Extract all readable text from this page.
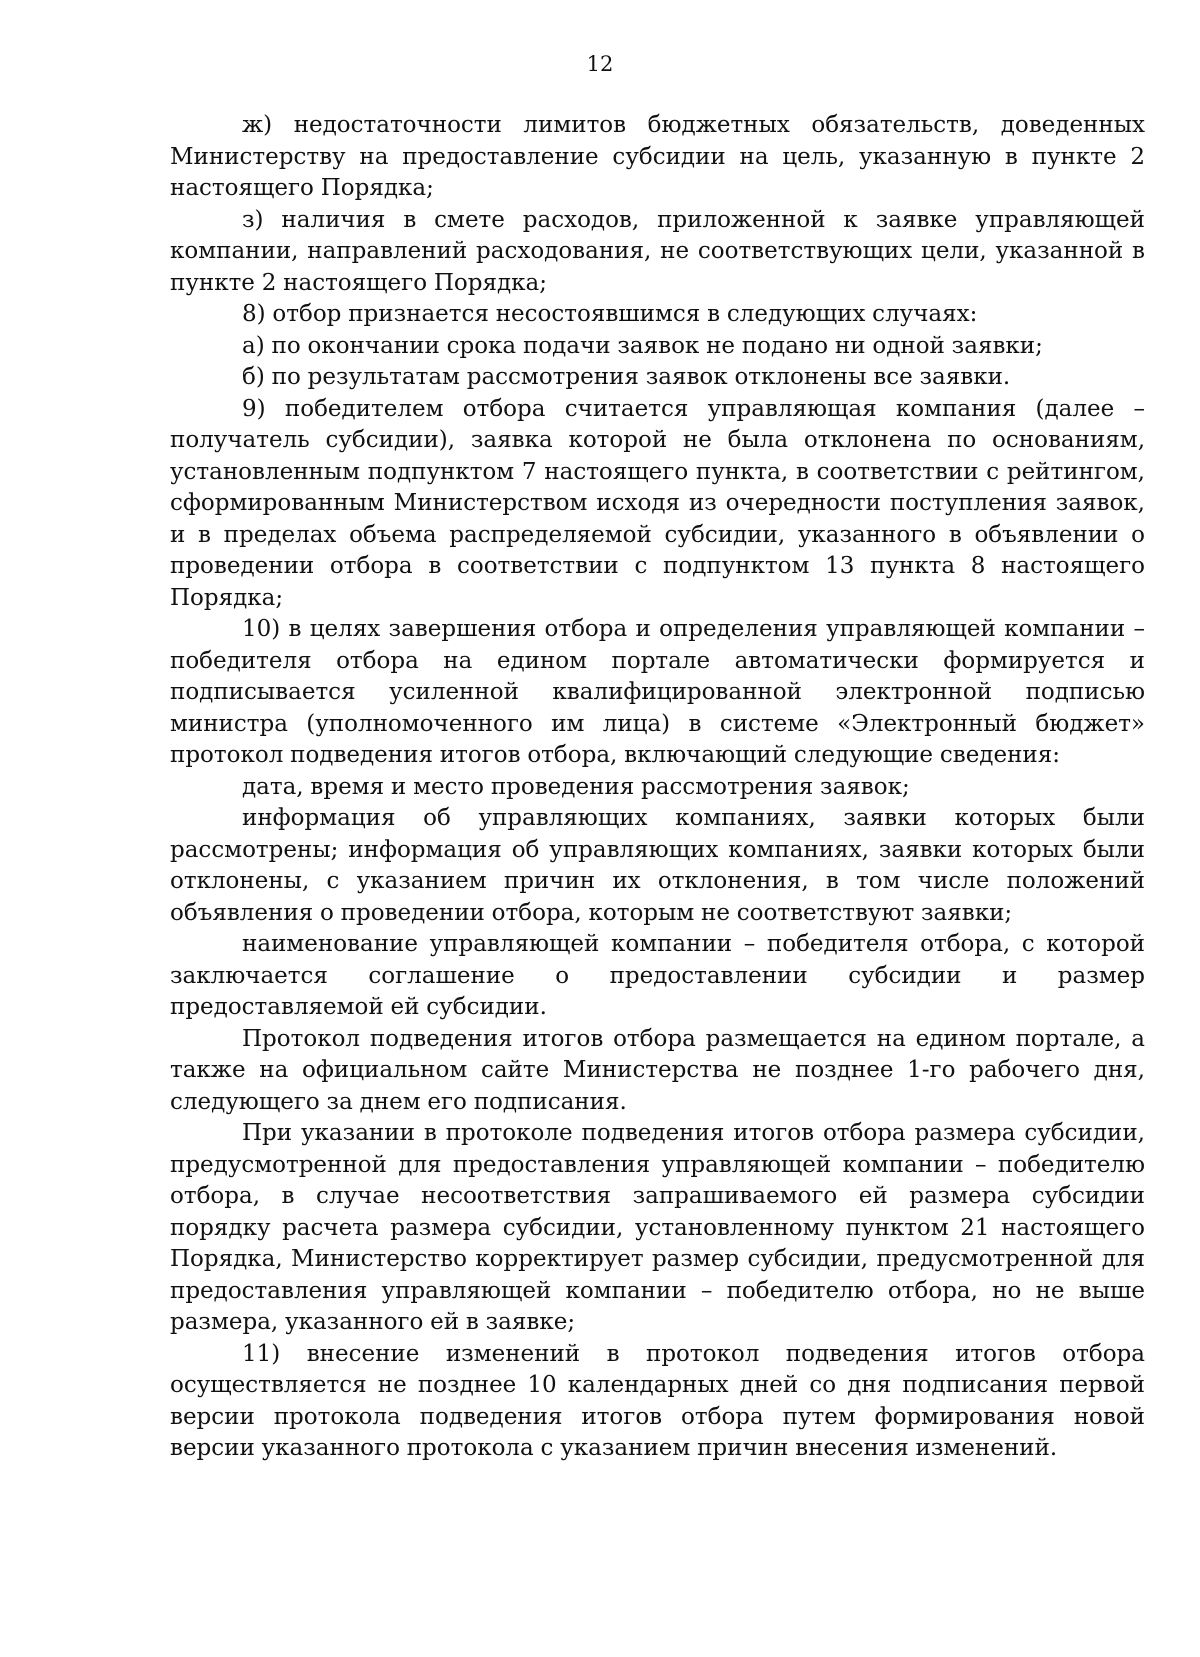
12

ж) недостаточности лимитов бюджетных обязательств, доведенных Министерству на предоставление субсидии на цель, указанную в пункте 2 настоящего Порядка;

з) наличия в смете расходов, приложенной к заявке управляющей компании, направлений расходования, не соответствующих цели, указанной в пункте 2 настоящего Порядка;

8) отбор признается несостоявшимся в следующих случаях:

а) по окончании срока подачи заявок не подано ни одной заявки;

б) по результатам рассмотрения заявок отклонены все заявки.

9) победителем отбора считается управляющая компания (далее – получатель субсидии), заявка которой не была отклонена по основаниям, установленным подпунктом 7 настоящего пункта, в соответствии с рейтингом, сформированным Министерством исходя из очередности поступления заявок, и в пределах объема распределяемой субсидии, указанного в объявлении о проведении отбора в соответствии с подпунктом 13 пункта 8 настоящего Порядка;

10) в целях завершения отбора и определения управляющей компании – победителя отбора на едином портале автоматически формируется и подписывается усиленной квалифицированной электронной подписью министра (уполномоченного им лица) в системе «Электронный бюджет» протокол подведения итогов отбора, включающий следующие сведения:

дата, время и место проведения рассмотрения заявок;

информация об управляющих компаниях, заявки которых были рассмотрены; информация об управляющих компаниях, заявки которых были отклонены, с указанием причин их отклонения, в том числе положений объявления о проведении отбора, которым не соответствуют заявки;

наименование управляющей компании – победителя отбора, с которой заключается соглашение о предоставлении субсидии и размер предоставляемой ей субсидии.

Протокол подведения итогов отбора размещается на едином портале, а также на официальном сайте Министерства не позднее 1-го рабочего дня, следующего за днем его подписания.

При указании в протоколе подведения итогов отбора размера субсидии, предусмотренной для предоставления управляющей компании – победителю отбора, в случае несоответствия запрашиваемого ей размера субсидии порядку расчета размера субсидии, установленному пунктом 21 настоящего Порядка, Министерство корректирует размер субсидии, предусмотренной для предоставления управляющей компании – победителю отбора, но не выше размера, указанного ей в заявке;

11) внесение изменений в протокол подведения итогов отбора осуществляется не позднее 10 календарных дней со дня подписания первой версии протокола подведения итогов отбора путем формирования новой версии указанного протокола с указанием причин внесения изменений.
